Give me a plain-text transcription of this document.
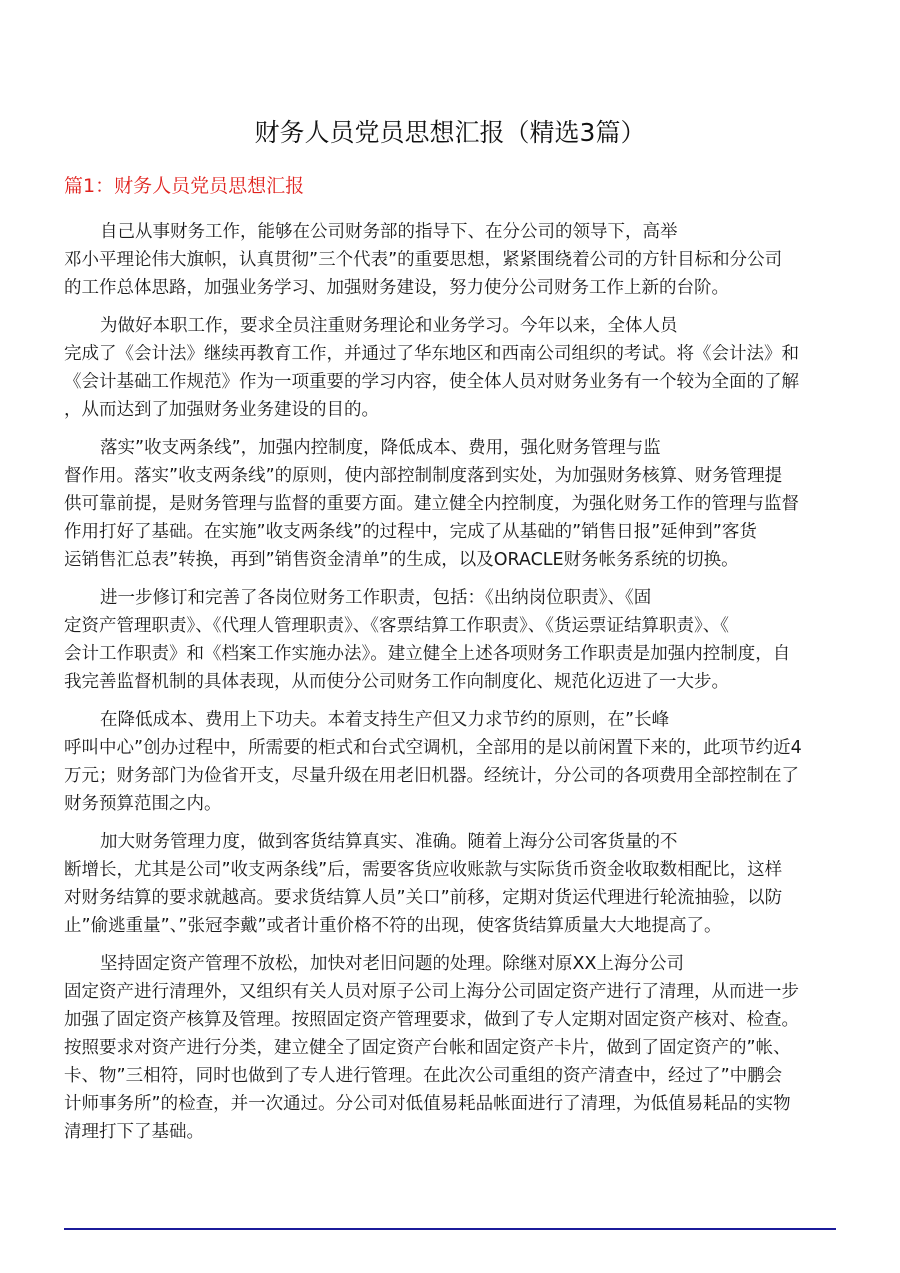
财务人员党员思想汇报（精选3篇）
篇1：财务人员党员思想汇报
自己从事财务工作，能够在公司财务部的指导下、在分公司的领导下，高举
邓小平理论伟大旗帜，认真贯彻”三个代表”的重要思想，紧紧围绕着公司的方针目标和分公司
的工作总体思路，加强业务学习、加强财务建设，努力使分公司财务工作上新的台阶。
为做好本职工作，要求全员注重财务理论和业务学习。今年以来，全体人员
完成了《会计法》继续再教育工作，并通过了华东地区和西南公司组织的考试。将《会计法》和
《会计基础工作规范》作为一项重要的学习内容，使全体人员对财务业务有一个较为全面的了解
，从而达到了加强财务业务建设的目的。
落实”收支两条线”，加强内控制度，降低成本、费用，强化财务管理与监
督作用。落实”收支两条线”的原则，使内部控制制度落到实处，为加强财务核算、财务管理提
供可靠前提，是财务管理与监督的重要方面。建立健全内控制度，为强化财务工作的管理与监督
作用打好了基础。在实施”收支两条线”的过程中，完成了从基础的”销售日报”延伸到”客货
运销售汇总表”转换，再到”销售资金清单”的生成，以及ORACLE财务帐务系统的切换。
进一步修订和完善了各岗位财务工作职责，包括：《出纳岗位职责》、《固
定资产管理职责》、《代理人管理职责》、《客票结算工作职责》、《货运票证结算职责》、《
会计工作职责》和《档案工作实施办法》。建立健全上述各项财务工作职责是加强内控制度，自
我完善监督机制的具体表现，从而使分公司财务工作向制度化、规范化迈进了一大步。
在降低成本、费用上下功夫。本着支持生产但又力求节约的原则，在”长峰
呼叫中心”创办过程中，所需要的柜式和台式空调机，全部用的是以前闲置下来的，此项节约近4
万元；财务部门为俭省开支，尽量升级在用老旧机器。经统计，分公司的各项费用全部控制在了
财务预算范围之内。
加大财务管理力度，做到客货结算真实、准确。随着上海分公司客货量的不
断增长，尤其是公司”收支两条线”后，需要客货应收账款与实际货币资金收取数相配比，这样
对财务结算的要求就越高。要求货结算人员”关口”前移，定期对货运代理进行轮流抽验，以防
止”偷逃重量”、”张冠李戴”或者计重价格不符的出现，使客货结算质量大大地提高了。
坚持固定资产管理不放松，加快对老旧问题的处理。除继对原XX上海分公司
固定资产进行清理外，又组织有关人员对原子公司上海分公司固定资产进行了清理，从而进一步
加强了固定资产核算及管理。按照固定资产管理要求，做到了专人定期对固定资产核对、检查。
按照要求对资产进行分类，建立健全了固定资产台帐和固定资产卡片，做到了固定资产的”帐、
卡、物”三相符，同时也做到了专人进行管理。在此次公司重组的资产清查中，经过了”中鹏会
计师事务所”的检查，并一次通过。分公司对低值易耗品帐面进行了清理，为低值易耗品的实物
清理打下了基础。
